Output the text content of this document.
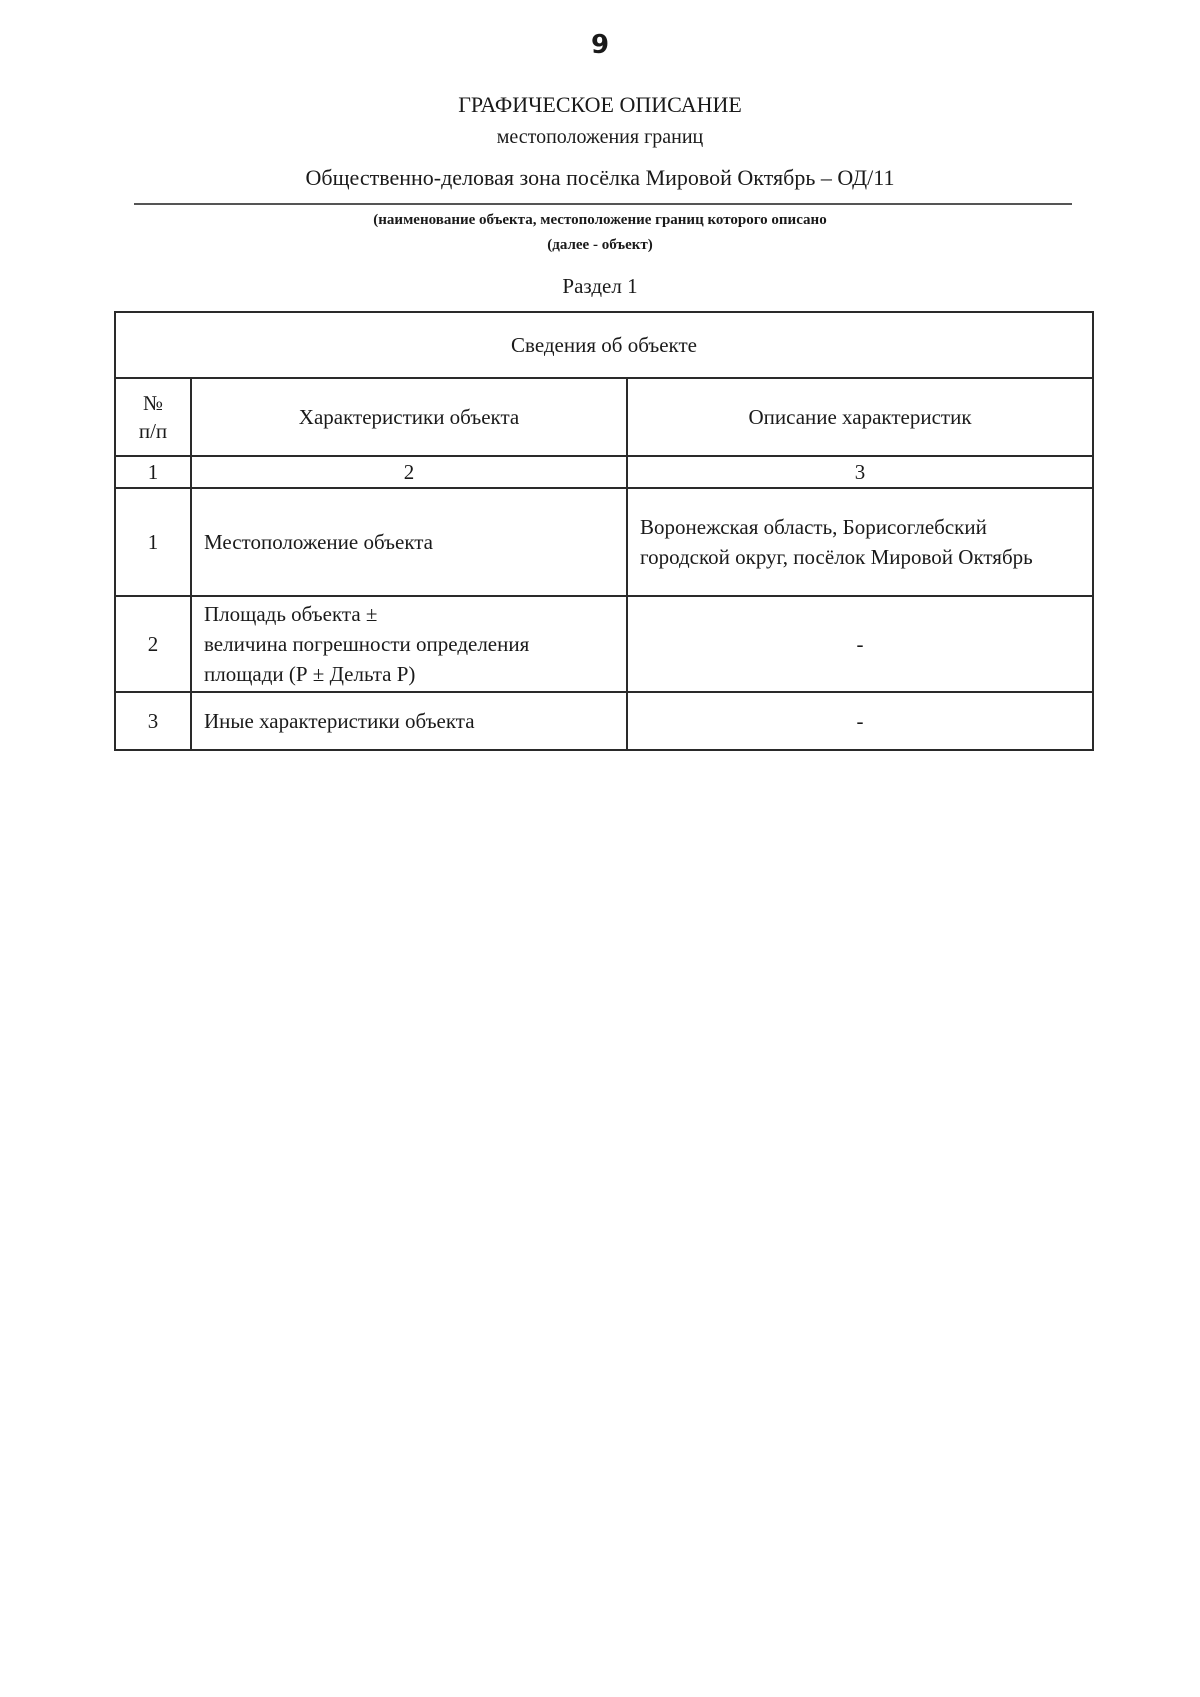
9
ГРАФИЧЕСКОЕ ОПИСАНИЕ
местоположения границ
Общественно-деловая зона посёлка Мировой Октябрь – ОД/11
(наименование объекта, местоположение границ которого описано
(далее - объект)
Раздел 1
Сведения об объекте		
№
п/п	Характеристики объекта	Описание характеристик
1	2	3
1	Местоположение объекта	Воронежская область, Борисоглебский городской округ, посёлок Мировой Октябрь
2	Площадь объекта ±
величина погрешности определения
площади (Р ± Дельта Р)	-
3	Иные характеристики объекта	-
